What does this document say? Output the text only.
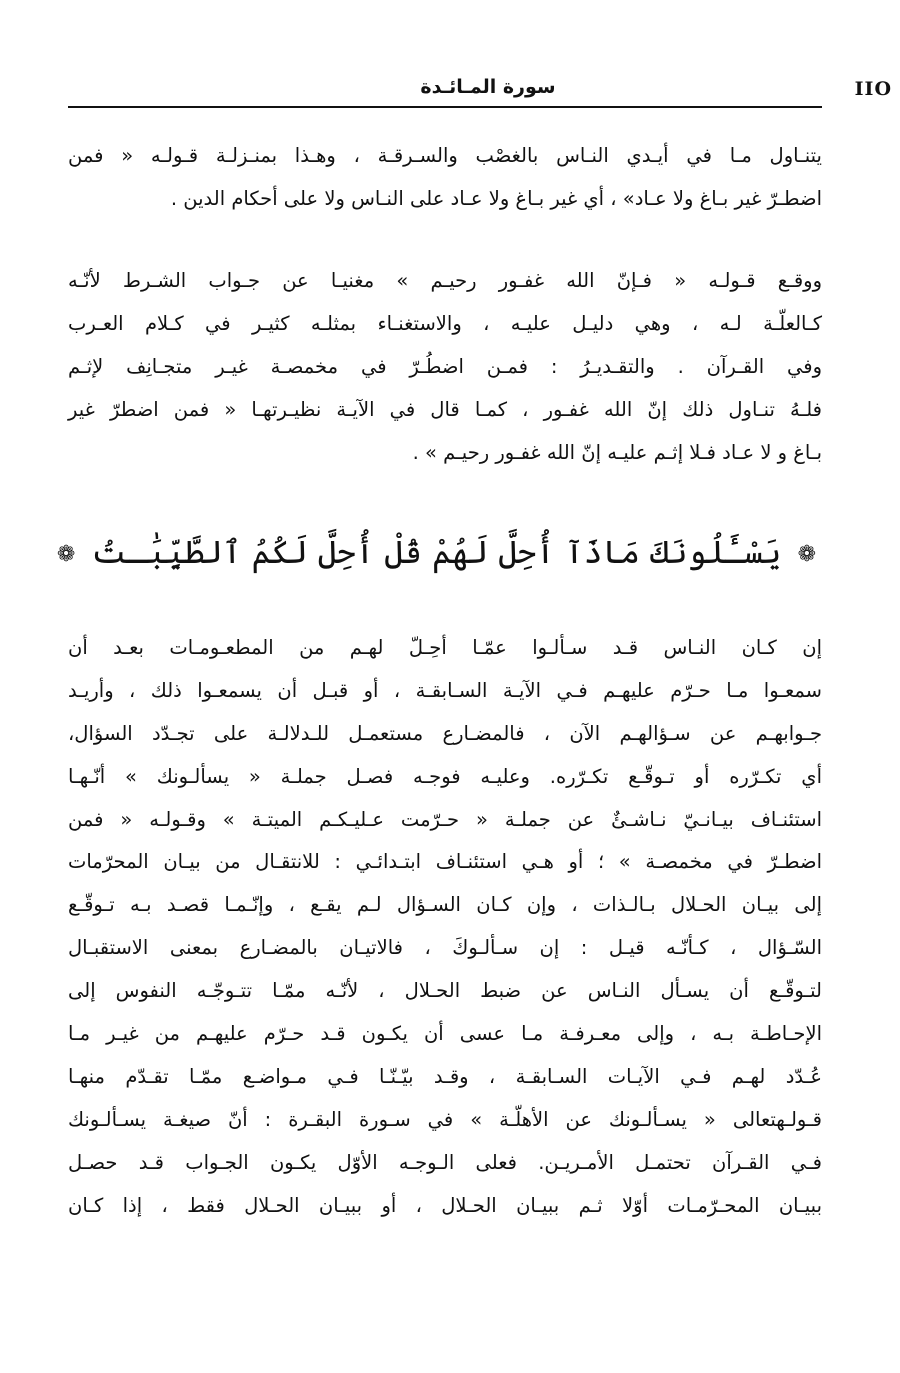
IIO
سورة المـائـدة
يتنـاول مـا في أيـدي النـاس بالغصْب والسـرقـة ، وهـذا بمنـزلـة قـولـه « فمن
اضطـرّ غير بـاغ ولا عـاد» ، أي غير بـاغ ولا عـاد على النـاس ولا على أحكام الدين .
ووقـع قـولـه « فـإنّ الله غفـور رحيـم » مغنيـا عن جـواب الشـرط لأنّـه
كـالعلّـة لـه ، وهي دليـل عليـه ، والاستغنـاء بمثلـه كثيـر في كـلام العـرب
وفي القـرآن . والتقـديـرُ : فمـن اضطُـرّ في مخمصـة غيـر متجـانِف لإثـم
فلـهُ تنـاول ذلك إنّ الله غفـور ، كمـا قال في الآيـة نظيـرتهـا « فمن اضطرّ غير
بـاغ و لا عـاد فـلا إثـم عليـه إنّ الله غفـور رحيـم » .
❁ يَسْـَٔلُونَكَ مَاذَآ أُحِلَّ لَهُمْ قُلْ أُحِلَّ لَكُمُ ٱلطَّيِّبَٰـتُ ❁
إن كـان النـاس قـد سـألـوا عمّـا أحِـلّ لهـم من المطعـومـات بعـد أن
سمعـوا مـا حـرّم عليهـم فـي الآيـة السـابقـة ، أو قبـل أن يسمعـوا ذلك ، وأريـد
جـوابهـم عن سـؤالهـم الآن ، فالمضـارع مستعمـل للـدلالـة على تجـدّد السؤال،
أي تكـرّره أو تـوقّـع تكـرّره. وعليـه فوجـه فصـل جملـة « يسألـونك » أنّـهـا
استئنـاف بيـانـيّ نـاشـئٌ عن جملـة « حـرّمت عـليـكـم الميتـة » وقـولـه « فمن
اضطـرّ في مخمصـة » ؛ أو هـي استئنـاف ابتـدائـي : للانتقـال من بيـان المحرّمات
إلى بيـان الحـلال بـالـذات ، وإن كـان السـؤال لـم يقـع ، وإنّـمـا قصـد بـه تـوقّـع
السّـؤال ، كـأنّـه قيـل : إن سـألـوكَ ، فالاتيـان بالمضـارع بمعنى الاستقبـال
لتـوقّـع أن يسـأل النـاس عن ضبط الحـلال ، لأنّـه ممّـا تتـوجّـه النفوس إلى
الإحـاطـة بـه ، وإلى معـرفـة مـا عسى أن يكـون قـد حـرّم عليهـم من غيـر مـا
عُـدّد لهـم فـي الآيـات السـابقـة ، وقـد بيّـنّـا فـي مـواضـع ممّـا تقـدّم منهـا
قـولـهتعالى « يسـألـونك عن الأهلّـة » في سـورة البقـرة : أنّ صيغـة يسـألـونك
فـي القـرآن تحتمـل الأمـريـن. فعلى الـوجـه الأوّل يكـون الجـواب قـد حصـل
ببيـان المحـرّمـات أوّلا ثـم ببيـان الحـلال ، أو ببيـان الحـلال فقط ، إذا كـان
